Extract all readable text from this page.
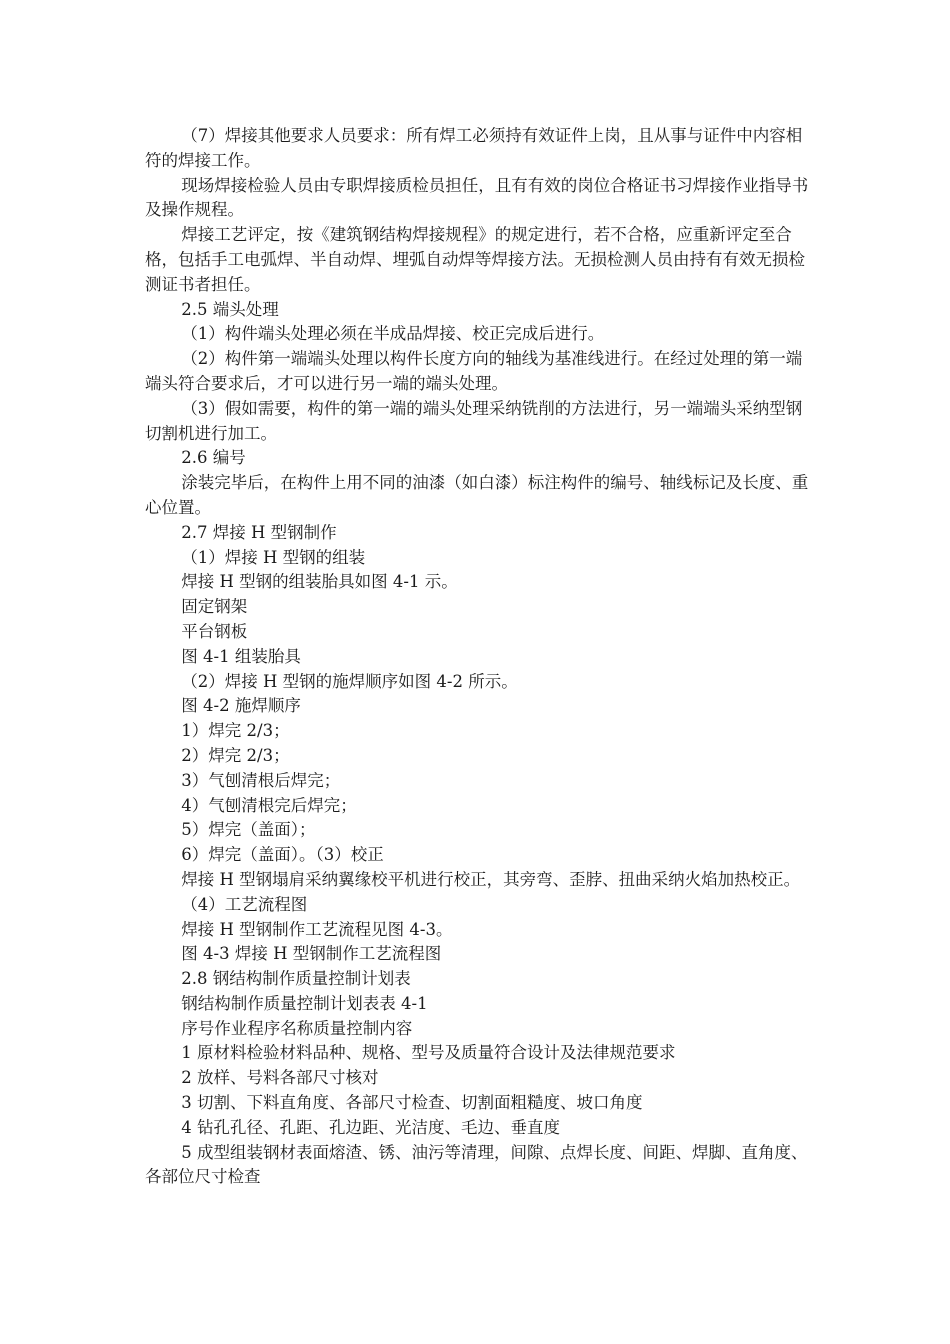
（7）焊接其他要求人员要求：所有焊工必须持有效证件上岗，且从事与证件中内容相符的焊接工作。

现场焊接检验人员由专职焊接质检员担任，且有有效的岗位合格证书习焊接作业指导书及操作规程。

焊接工艺评定，按《建筑钢结构焊接规程》的规定进行，若不合格，应重新评定至合格，包括手工电弧焊、半自动焊、埋弧自动焊等焊接方法。无损检测人员由持有有效无损检测证书者担任。

2.5 端头处理

（1）构件端头处理必须在半成品焊接、校正完成后进行。

（2）构件第一端端头处理以构件长度方向的轴线为基准线进行。在经过处理的第一端端头符合要求后，才可以进行另一端的端头处理。

（3）假如需要，构件的第一端的端头处理采纳铣削的方法进行，另一端端头采纳型钢切割机进行加工。

2.6 编号

涂装完毕后，在构件上用不同的油漆（如白漆）标注构件的编号、轴线标记及长度、重心位置。

2.7 焊接 H 型钢制作

（1）焊接 H 型钢的组装

焊接 H 型钢的组装胎具如图 4-1 示。

固定钢架

平台钢板

图 4-1 组装胎具

（2）焊接 H 型钢的施焊顺序如图 4-2 所示。

图 4-2 施焊顺序

1）焊完 2/3；

2）焊完 2/3；

3）气刨清根后焊完；

4）气刨清根完后焊完；

5）焊完（盖面）；

6）焊完（盖面）。（3）校正

焊接 H 型钢塌肩采纳翼缘校平机进行校正，其旁弯、歪脖、扭曲采纳火焰加热校正。

（4）工艺流程图

焊接 H 型钢制作工艺流程见图 4-3。

图 4-3 焊接 H 型钢制作工艺流程图

2.8 钢结构制作质量控制计划表

钢结构制作质量控制计划表表 4-1

序号作业程序名称质量控制内容

1 原材料检验材料品种、规格、型号及质量符合设计及法律规范要求

2 放样、号料各部尺寸核对

3 切割、下料直角度、各部尺寸检查、切割面粗糙度、坡口角度

4 钻孔孔径、孔距、孔边距、光洁度、毛边、垂直度

5 成型组装钢材表面熔渣、锈、油污等清理，间隙、点焊长度、间距、焊脚、直角度、各部位尺寸检查
